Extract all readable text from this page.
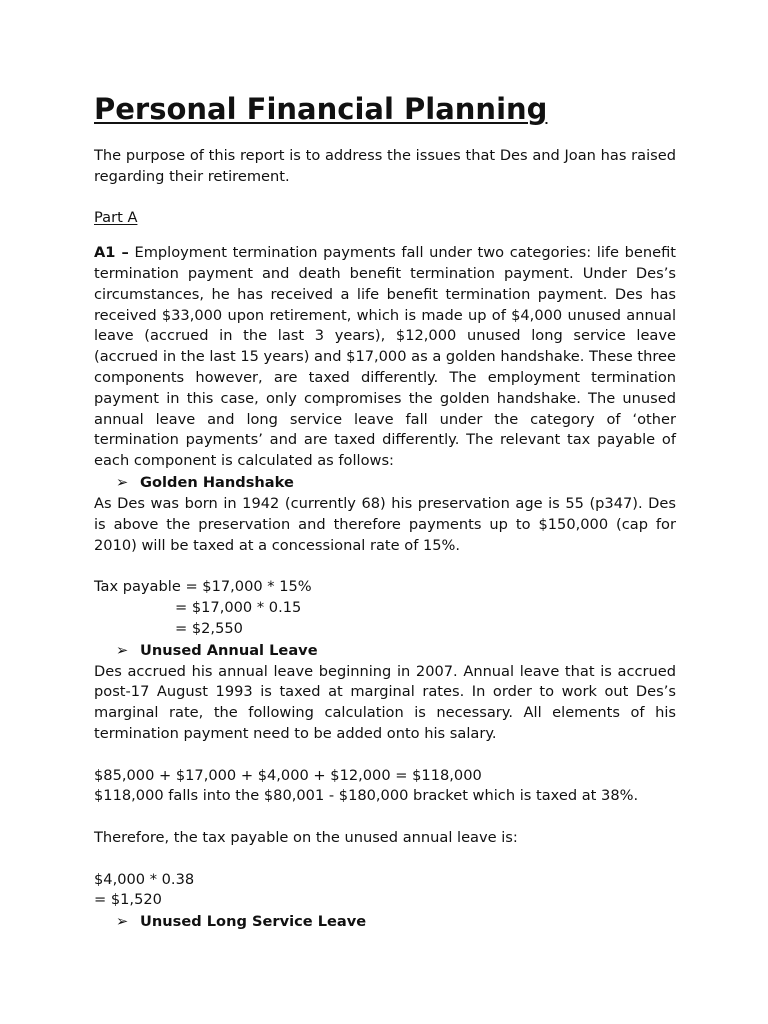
Personal Financial Planning

The purpose of this report is to address the issues that Des and Joan has raised regarding their retirement.

Part A

A1 – Employment termination payments fall under two categories: life benefit termination payment and death benefit termination payment. Under Des’s circumstances, he has received a life benefit termination payment. Des has received $33,000 upon retirement, which is made up of $4,000 unused annual leave (accrued in the last 3 years), $12,000 unused long service leave (accrued in the last 15 years) and $17,000 as a golden handshake. These three components however, are taxed differently. The employment termination payment in this case, only compromises the golden handshake. The unused annual leave and long service leave fall under the category of ‘other termination payments’ and are taxed differently. The relevant tax payable of each component is calculated as follows:

➢ Golden Handshake

As Des was born in 1942 (currently 68) his preservation age is 55 (p347). Des is above the preservation and therefore payments up to $150,000 (cap for 2010) will be taxed at a concessional rate of 15%.

Tax payable = $17,000 * 15%

= $17,000 * 0.15

= $2,550

➢ Unused Annual Leave

Des accrued his annual leave beginning in 2007. Annual leave that is accrued post-17 August 1993 is taxed at marginal rates. In order to work out Des’s marginal rate, the following calculation is necessary. All elements of his termination payment need to be added onto his salary.

$85,000 + $17,000 + $4,000 + $12,000 = $118,000

$118,000 falls into the $80,001 - $180,000 bracket which is taxed at 38%.

Therefore, the tax payable on the unused annual leave is:

$4,000 * 0.38

= $1,520

➢ Unused Long Service Leave
